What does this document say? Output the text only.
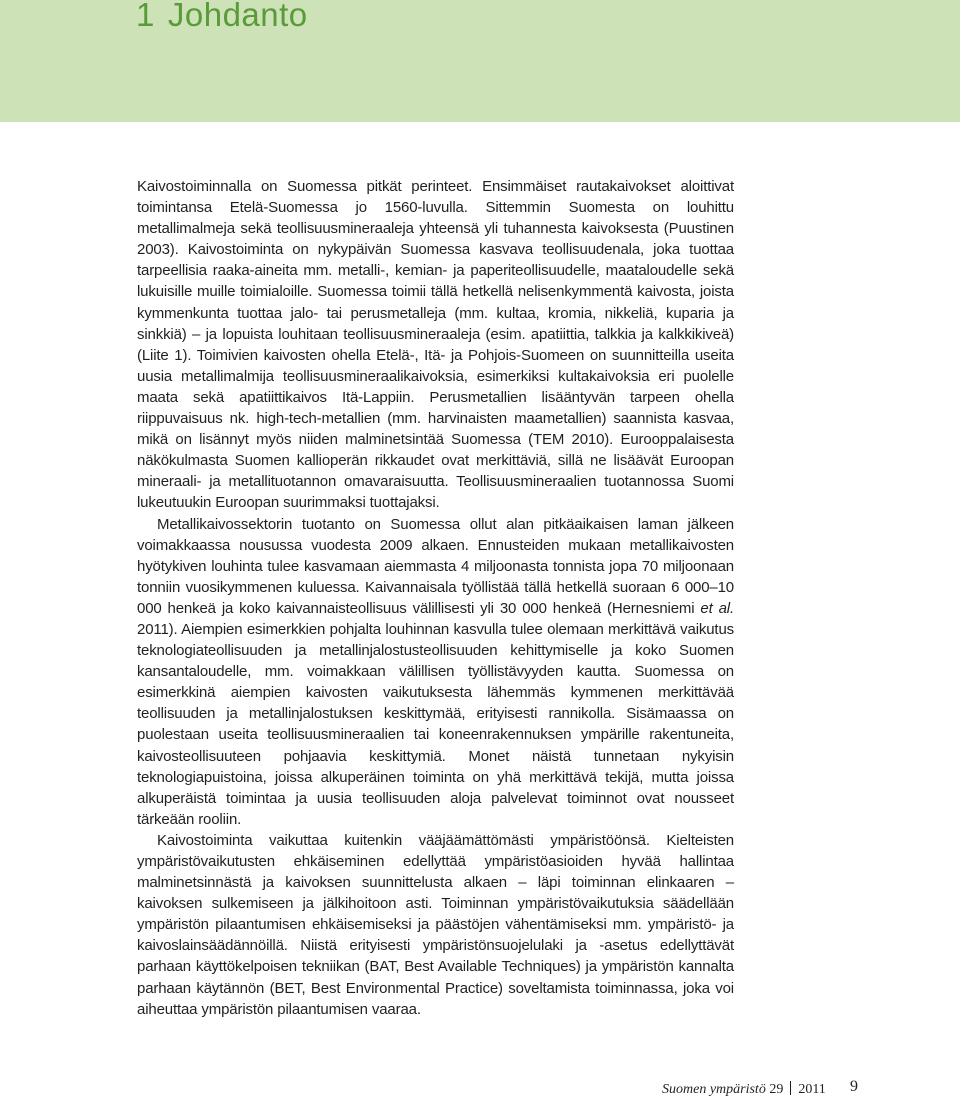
1 Johdanto

Kaivostoiminnalla on Suomessa pitkät perinteet. Ensimmäiset rautakaivokset aloittivat toimintansa Etelä-Suomessa jo 1560-luvulla. Sittemmin Suomesta on louhittu metallimalmeja sekä teollisuusmineraaleja yhteensä yli tuhannesta kaivoksesta (Puustinen 2003). Kaivostoiminta on nykypäivän Suomessa kasvava teollisuudenala, joka tuottaa tarpeellisia raaka-aineita mm. metalli-, kemian- ja paperiteollisuudelle, maataloudelle sekä lukuisille muille toimialoille. Suomessa toimii tällä hetkellä nelisenkymmentä kaivosta, joista kymmenkunta tuottaa jalo- tai perusmetalleja (mm. kultaa, kromia, nikkeliä, kuparia ja sinkkiä) – ja lopuista louhitaan teollisuusmineraaleja (esim. apatiittia, talkkia ja kalkkikiveä) (Liite 1). Toimivien kaivosten ohella Etelä-, Itä- ja Pohjois-Suomeen on suunnitteilla useita uusia metallimalmija teollisuusmineraalikaivoksia, esimerkiksi kultakaivoksia eri puolelle maata sekä apatiittikaivos Itä-Lappiin. Perusmetallien lisääntyvän tarpeen ohella riippuvaisuus nk. high-tech-metallien (mm. harvinaisten maametallien) saannista kasvaa, mikä on lisännyt myös niiden malminetsintää Suomessa (TEM 2010). Eurooppalaisesta näkökulmasta Suomen kallioperän rikkaudet ovat merkittäviä, sillä ne lisäävät Euroopan mineraali- ja metallituotannon omavaraisuutta. Teollisuusmineraalien tuotannossa Suomi lukeutuukin Euroopan suurimmaksi tuottajaksi.

Metallikaivossektorin tuotanto on Suomessa ollut alan pitkäaikaisen laman jälkeen voimakkaassa nousussa vuodesta 2009 alkaen. Ennusteiden mukaan metallikaivosten hyötykiven louhinta tulee kasvamaan aiemmasta 4 miljoonasta tonnista jopa 70 miljoonaan tonniin vuosikymmenen kuluessa. Kaivannaisala työllistää tällä hetkellä suoraan 6 000–10 000 henkeä ja koko kaivannaisteollisuus välillisesti yli 30 000 henkeä (Hernesniemi et al. 2011). Aiempien esimerkkien pohjalta louhinnan kasvulla tulee olemaan merkittävä vaikutus teknologiateollisuuden ja metallinjalostusteollisuuden kehittymiselle ja koko Suomen kansantaloudelle, mm. voimakkaan välillisen työllistävyyden kautta. Suomessa on esimerkkinä aiempien kaivosten vaikutuksesta lähemmäs kymmenen merkittävää teollisuuden ja metallinjalostuksen keskittymää, erityisesti rannikolla. Sisämaassa on puolestaan useita teollisuusmineraalien tai koneenrakennuksen ympärille rakentuneita, kaivosteollisuuteen pohjaavia keskittymiä. Monet näistä tunnetaan nykyisin teknologiapuistoina, joissa alkuperäinen toiminta on yhä merkittävä tekijä, mutta joissa alkuperäistä toimintaa ja uusia teollisuuden aloja palvelevat toiminnot ovat nousseet tärkeään rooliin.

Kaivostoiminta vaikuttaa kuitenkin vääjäämättömästi ympäristöönsä. Kielteisten ympäristövaikutusten ehkäiseminen edellyttää ympäristöasioiden hyvää hallintaa malminetsinnästä ja kaivoksen suunnittelusta alkaen – läpi toiminnan elinkaaren – kaivoksen sulkemiseen ja jälkihoitoon asti. Toiminnan ympäristövaikutuksia säädellään ympäristön pilaantumisen ehkäisemiseksi ja päästöjen vähentämiseksi mm. ympäristö- ja kaivoslainsäädännöillä. Niistä erityisesti ympäristönsuojelulaki ja -asetus edellyttävät parhaan käyttökelpoisen tekniikan (BAT, Best Available Techniques) ja ympäristön kannalta parhaan käytännön (BET, Best Environmental Practice) soveltamista toiminnassa, joka voi aiheuttaa ympäristön pilaantumisen vaaraa.

Suomen ympäristö 29 2011 9
